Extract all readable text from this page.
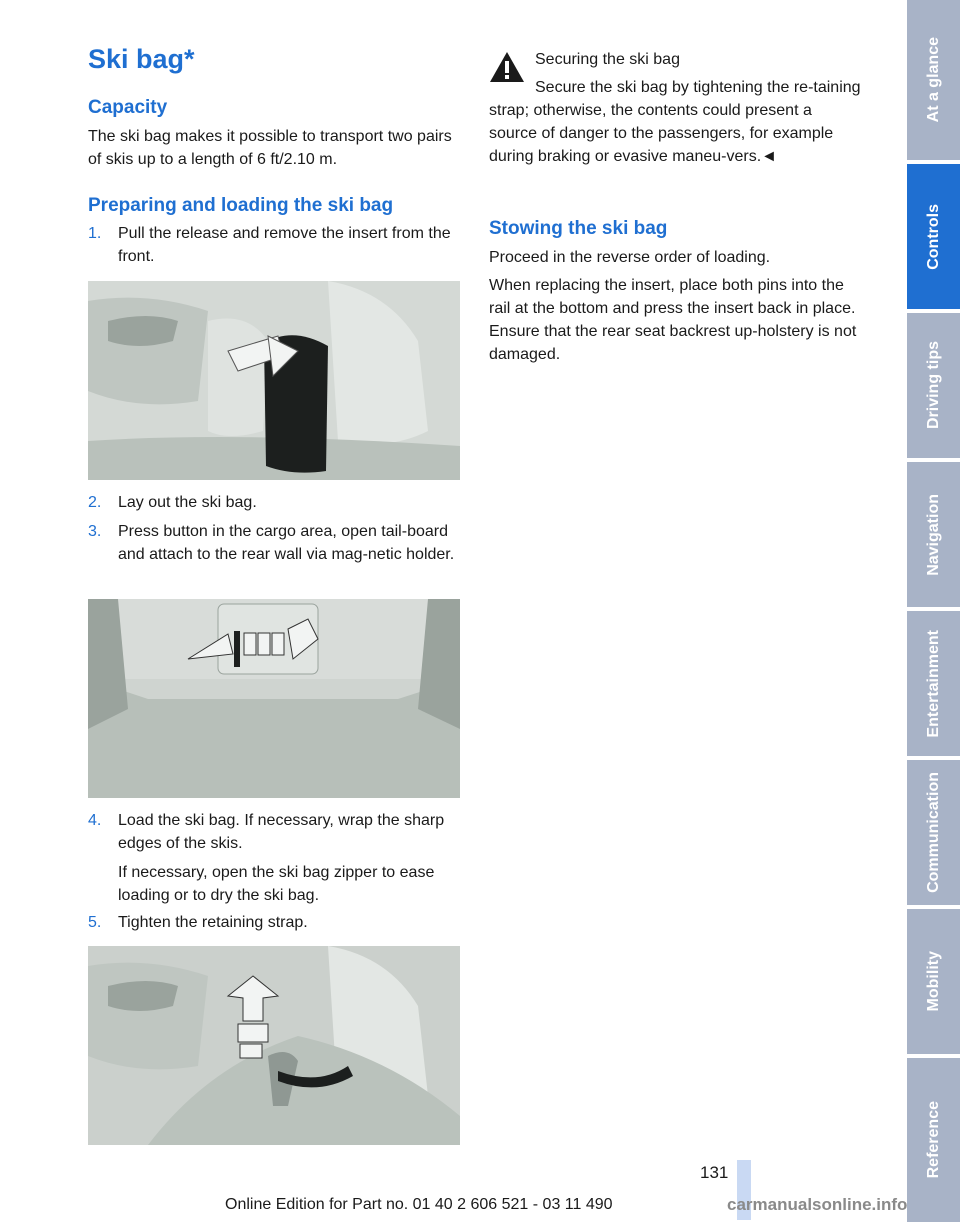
Ski bag*
Capacity

The ski bag makes it possible to transport two pairs of skis up to a length of 6 ft/2.10 m.

Preparing and loading the ski bag
1. Pull the release and remove the insert from the front.
2. Lay out the ski bag.
3. Press button in the cargo area, open tail-board and attach to the rear wall via mag-netic holder.
4. Load the ski bag. If necessary, wrap the sharp edges of the skis.

If necessary, open the ski bag zipper to ease loading or to dry the ski bag.

5. Tighten the retaining strap.

Securing the ski bag

Secure the ski bag by tightening the re-taining strap; otherwise, the contents could present a source of danger to the passengers, for example during braking or evasive maneu-vers.◄

Stowing the ski bag

Proceed in the reverse order of loading.

When replacing the insert, place both pins into the rail at the bottom and press the insert back in place. Ensure that the rear seat backrest up-holstery is not damaged.

At a glance
Controls
Driving tips
Navigation
Entertainment
Communication
Mobility
Reference
131
Online Edition for Part no. 01 40 2 606 521 - 03 11 490	carmanualsonline.info
